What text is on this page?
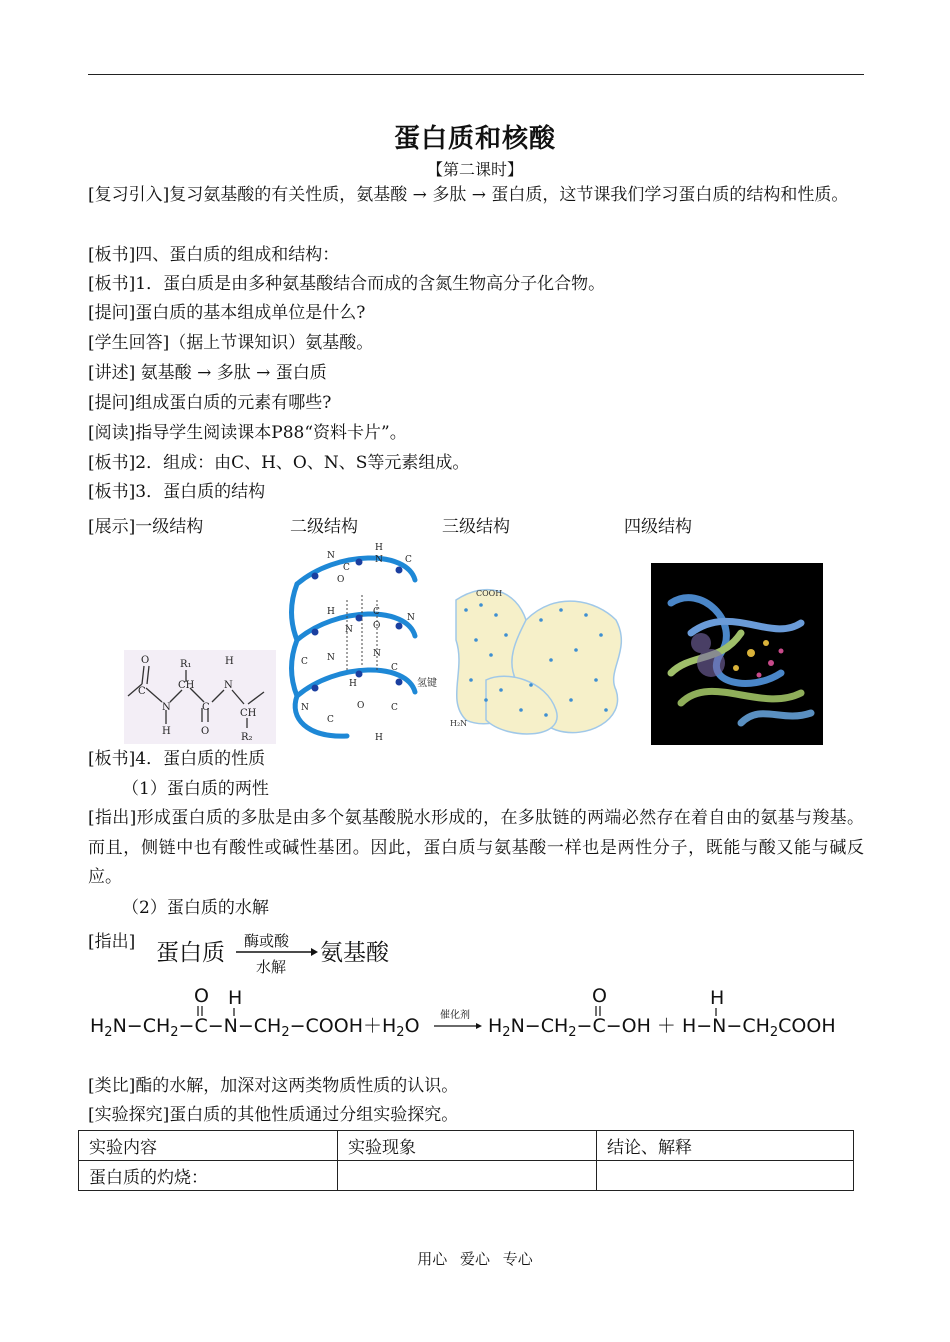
蛋白质和核酸
【第二课时】
[复习引入]复习氨基酸的有关性质，氨基酸 → 多肽 → 蛋白质，这节课我们学习蛋白质的结构和性质。
[板书]四、蛋白质的组成和结构：
[板书]1．蛋白质是由多种氨基酸结合而成的含氮生物高分子化合物。
[提问]蛋白质的基本组成单位是什么?
[学生回答]（据上节课知识）氨基酸。
[讲述] 氨基酸 → 多肽 → 蛋白质
[提问]组成蛋白质的元素有哪些?
[阅读]指导学生阅读课本P88“资料卡片”。
[板书]2．组成：由C、H、O、N、S等元素组成。
[板书]3．蛋白质的结构
[展示]一级结构	二级结构	三级结构	四级结构
O
C
N
H
CH
R₁
C
O
N
H
CH
R₂
N
C
H
N C
O
H
N
C
O
N
C N
H
N
C
N
C
O	C
H
氢键
COOH
H₂N
[板书]4．蛋白质的性质
（1）蛋白质的两性
[指出]形成蛋白质的多肽是由多个氨基酸脱水形成的，在多肽链的两端必然存在着自由的氨基与羧基。而且，侧链中也有酸性或碱性基团。因此，蛋白质与氨基酸一样也是两性分子，既能与酸又能与碱反应。
（2）蛋白质的水解
[指出] 蛋白质 酶或酸
水解
氨基酸
$H_2N-CH_2-C-N-CH_2-COOH+H_2O$
O H
$H_2N-CH_2-C-OH$ ＋ $H-N-CH_2COOH$
O	H
催化剂
[类比]酯的水解，加深对这两类物质性质的认识。
[实验探究]蛋白质的其他性质通过分组实验探究。
实验内容	实验现象	结论、解释
蛋白质的灼烧：		
用心 爱心 专心
